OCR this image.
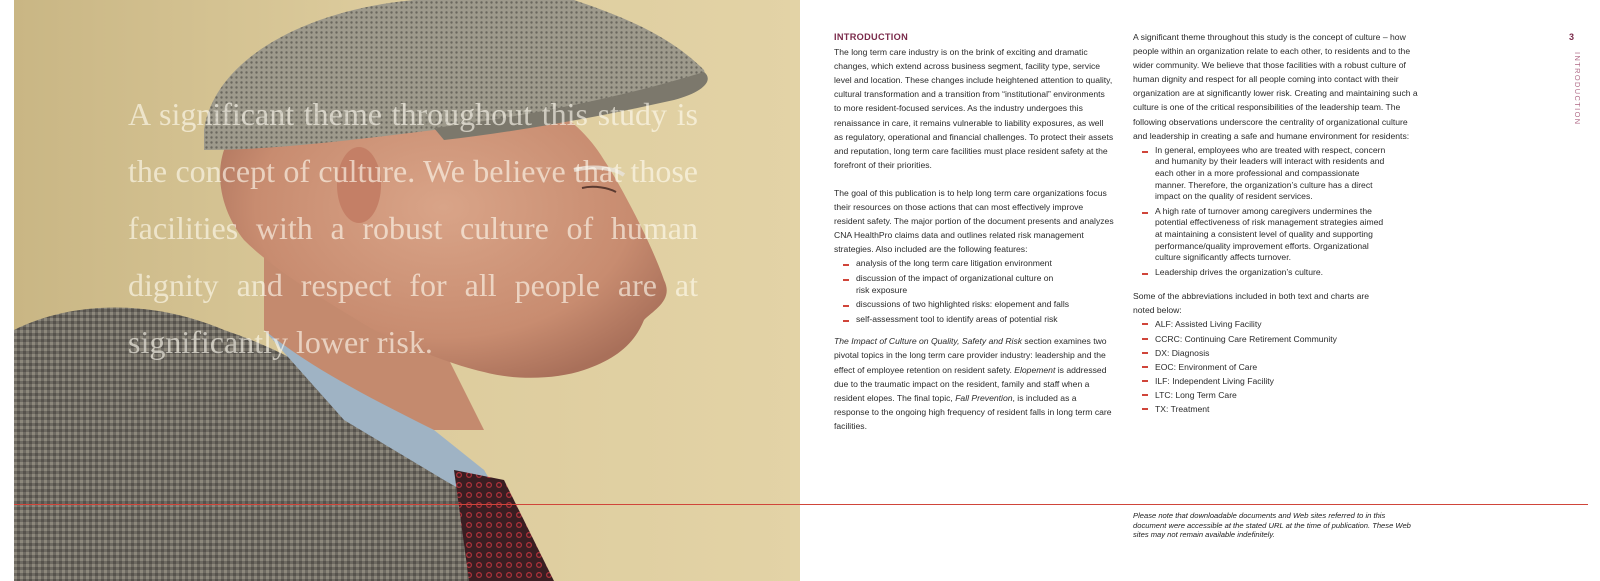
A significant theme throughout this study is the concept of culture. We believe that those facilities with a robust culture of human dignity and respect for all people are at significantly lower risk.

INTRODUCTION

The long term care industry is on the brink of exciting and dramatic changes, which extend across business segment, facility type, service level and location. These changes include heightened attention to quality, cultural transformation and a transition from “institutional” environments to more resident-focused services. As the industry undergoes this renaissance in care, it remains vulnerable to liability exposures, as well as regulatory, operational and financial challenges. To protect their assets and reputation, long term care facilities must place resident safety at the forefront of their priorities.

The goal of this publication is to help long term care organizations focus their resources on those actions that can most effectively improve resident safety. The major portion of the document presents and analyzes CNA HealthPro claims data and outlines related risk management strategies. Also included are the following features:

analysis of the long term care litigation environment
discussion of the impact of organizational culture on risk exposure
discussions of two highlighted risks: elopement and falls
self-assessment tool to identify areas of potential risk

The Impact of Culture on Quality, Safety and Risk section examines two pivotal topics in the long term care provider industry: leadership and the effect of employee retention on resident safety. Elopement is addressed due to the traumatic impact on the resident, family and staff when a resident elopes. The final topic, Fall Prevention, is included as a response to the ongoing high frequency of resident falls in long term care facilities.

A significant theme throughout this study is the concept of culture – how people within an organization relate to each other, to residents and to the wider community. We believe that those facilities with a robust culture of human dignity and respect for all people coming into contact with their organization are at significantly lower risk. Creating and maintaining such a culture is one of the critical responsibilities of the leadership team. The following observations underscore the centrality of organizational culture and leadership in creating a safe and humane environment for residents:

In general, employees who are treated with respect, concern and humanity by their leaders will interact with residents and each other in a more professional and compassionate manner. Therefore, the organization’s culture has a direct impact on the quality of resident services.
A high rate of turnover among caregivers undermines the potential effectiveness of risk management strategies aimed at maintaining a consistent level of quality and supporting performance/quality improvement efforts. Organizational culture significantly affects turnover.
Leadership drives the organization’s culture.

Some of the abbreviations included in both text and charts are noted below:

ALF: Assisted Living Facility
CCRC: Continuing Care Retirement Community
DX: Diagnosis
EOC: Environment of Care
ILF: Independent Living Facility
LTC: Long Term Care
TX: Treatment

Please note that downloadable documents and Web sites referred to in this document were accessible at the stated URL at the time of publication. These Web sites may not remain available indefinitely.

3

INTRODUCTION
